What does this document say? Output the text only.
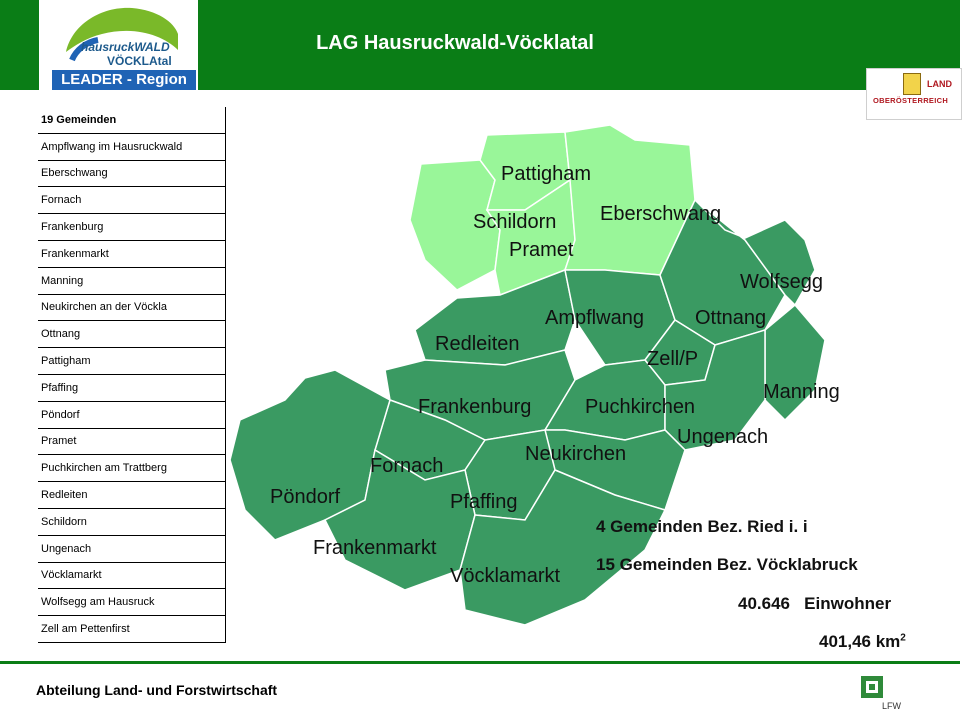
hausruckWALD
VÖCKLAtal
LEADER - Region
LAG Hausruckwald-Vöcklatal
LAND
OBERÖSTERREICH
19 Gemeinden
Ampflwang im Hausruckwald
Eberschwang
Fornach
Frankenburg
Frankenmarkt
Manning
Neukirchen an der Vöckla
Ottnang
Pattigham
Pfaffing
Pöndorf
Pramet
Puchkirchen am Trattberg
Redleiten
Schildorn
Ungenach
Vöcklamarkt
Wolfsegg am Hausruck
Zell am Pettenfirst
Pattigham
Schildorn
Pramet
Eberschwang
Wolfsegg
Ampflwang	Ottnang
Redleiten
Zell/P
Manning
Frankenburg	Puchkirchen
Ungenach
Fornach
Neukirchen
Pöndorf	Pfaffing
Frankenmarkt
Vöcklamarkt
4 Gemeinden Bez. Ried i. i
15 Gemeinden Bez. Vöcklabruck
40.646   Einwohner
401,46 $km^2$
Abteilung Land- und Forstwirtschaft
LFW
